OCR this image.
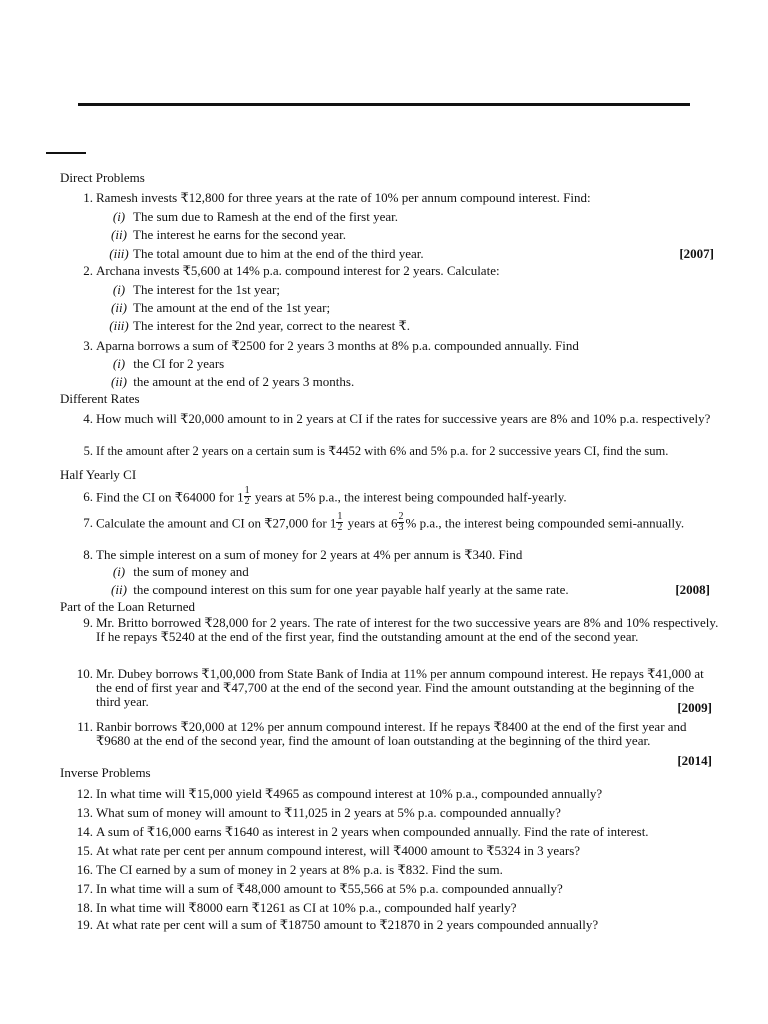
Direct Problems
1. Ramesh invests ₹12,800 for three years at the rate of 10% per annum compound interest. Find:
(i) The sum due to Ramesh at the end of the first year.
(ii) The interest he earns for the second year.
(iii) The total amount due to him at the end of the third year.	[2007]
2. Archana invests ₹5,600 at 14% p.a. compound interest for 2 years. Calculate:
(i) The interest for the 1st year;
(ii) The amount at the end of the 1st year;
(iii) The interest for the 2nd year, correct to the nearest ₹.
3. Aparna borrows a sum of ₹2500 for 2 years 3 months at 8% p.a. compounded annually. Find
(i) the CI for 2 years
(ii) the amount at the end of 2 years 3 months.
Different Rates
4. How much will ₹20,000 amount to in 2 years at CI if the rates for successive years are 8% and 10% p.a. respectively?
5. If the amount after 2 years on a certain sum is ₹4452 with 6% and 5% p.a. for 2 successive years CI, find the sum.
Half Yearly CI
6. Find the CI on ₹64000 for $1 \frac{1}{2}$ years at 5% p.a., the interest being compounded half-yearly.
7. Calculate the amount and CI on ₹27,000 for $1 \frac{1}{2}$ years at $6 \frac{2}{3}$ % p.a., the interest being compounded semi-annually.
8. The simple interest on a sum of money for 2 years at 4% per annum is ₹340. Find
(i) the sum of money and
(ii) the compound interest on this sum for one year payable half yearly at the same rate.	[2008]
Part of the Loan Returned
9. Mr. Britto borrowed ₹28,000 for 2 years. The rate of interest for the two successive years are 8% and 10% respectively. If he repays ₹5240 at the end of the first year, find the outstanding amount at the end of the second year.
10. Mr. Dubey borrows ₹1,00,000 from State Bank of India at 11% per annum compound interest. He repays ₹41,000 at the end of first year and ₹47,700 at the end of the second year. Find the amount outstanding at the beginning of the third year.	[2009]
11. Ranbir borrows ₹20,000 at 12% per annum compound interest. If he repays ₹8400 at the end of the first year and ₹9680 at the end of the second year, find the amount of loan outstanding at the beginning of the third year.
[2014]
Inverse Problems
12. In what time will ₹15,000 yield ₹4965 as compound interest at 10% p.a., compounded annually?
13. What sum of money will amount to ₹11,025 in 2 years at 5% p.a. compounded annually?
14. A sum of ₹16,000 earns ₹1640 as interest in 2 years when compounded annually. Find the rate of interest.
15. At what rate per cent per annum compound interest, will ₹4000 amount to ₹5324 in 3 years?
16. The CI earned by a sum of money in 2 years at 8% p.a. is ₹832. Find the sum.
17. In what time will a sum of ₹48,000 amount to ₹55,566 at 5% p.a. compounded annually?
18. In what time will ₹8000 earn ₹1261 as CI at 10% p.a., compounded half yearly?
19. At what rate per cent will a sum of ₹18750 amount to ₹21870 in 2 years compounded annually?
